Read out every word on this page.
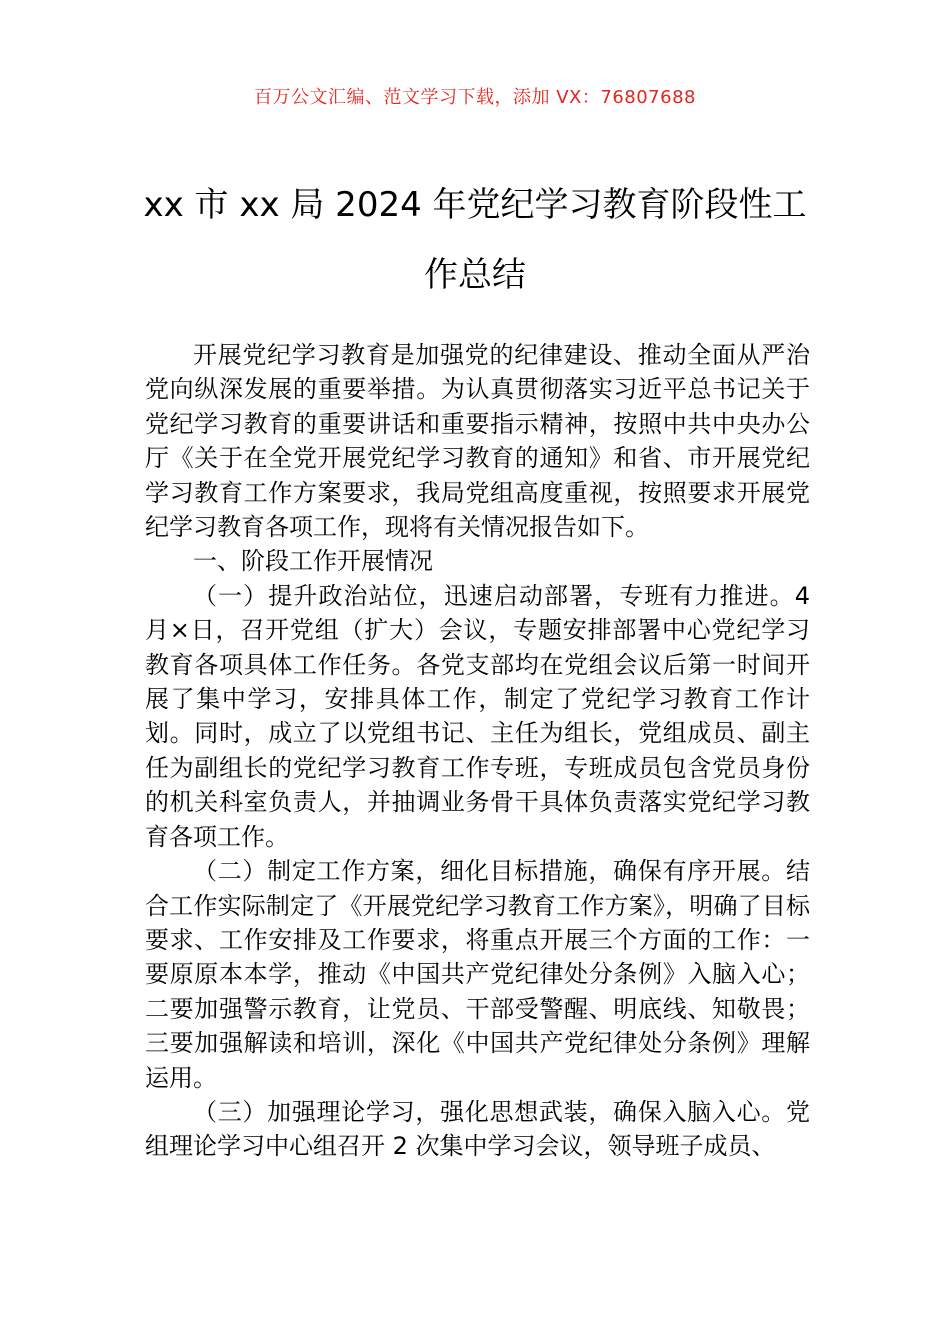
百万公文汇编、范文学习下载，添加 VX：76807688
xx 市 xx 局 2024 年党纪学习教育阶段性工作总结

开展党纪学习教育是加强党的纪律建设、推动全面从严治党向纵深发展的重要举措。为认真贯彻落实习近平总书记关于党纪学习教育的重要讲话和重要指示精神，按照中共中央办公厅《关于在全党开展党纪学习教育的通知》和省、市开展党纪学习教育工作方案要求，我局党组高度重视，按照要求开展党纪学习教育各项工作，现将有关情况报告如下。

一、阶段工作开展情况

（一）提升政治站位，迅速启动部署，专班有力推进。4 月×日，召开党组（扩大）会议，专题安排部署中心党纪学习教育各项具体工作任务。各党支部均在党组会议后第一时间开展了集中学习，安排具体工作，制定了党纪学习教育工作计划。同时，成立了以党组书记、主任为组长，党组成员、副主任为副组长的党纪学习教育工作专班，专班成员包含党员身份的机关科室负责人，并抽调业务骨干具体负责落实党纪学习教育各项工作。

（二）制定工作方案，细化目标措施，确保有序开展。结合工作实际制定了《开展党纪学习教育工作方案》，明确了目标要求、工作安排及工作要求，将重点开展三个方面的工作：一要原原本本学，推动《中国共产党纪律处分条例》入脑入心；二要加强警示教育，让党员、干部受警醒、明底线、知敬畏；三要加强解读和培训，深化《中国共产党纪律处分条例》理解运用。

（三）加强理论学习，强化思想武装，确保入脑入心。党组理论学习中心组召开 2 次集中学习会议，领导班子成员、
